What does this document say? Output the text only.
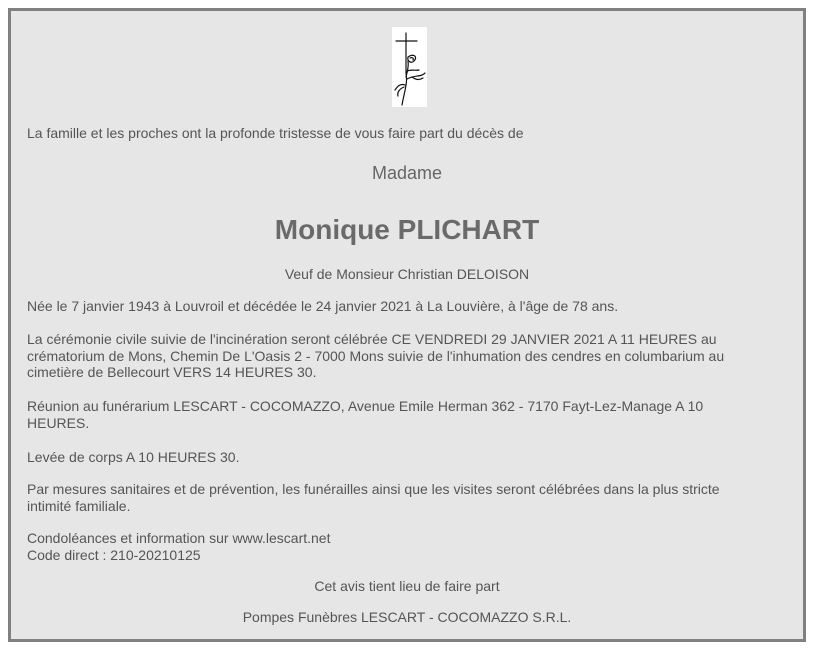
La famille et les proches ont la profonde tristesse de vous faire part du décès de

Madame

Monique PLICHART

Veuf de Monsieur Christian DELOISON

Née le 7 janvier 1943 à Louvroil et décédée le 24 janvier 2021 à La Louvière, à l'âge de 78 ans.

La cérémonie civile suivie de l'incinération seront célébrée CE VENDREDI 29 JANVIER 2021 A 11 HEURES au

crématorium de Mons, Chemin De L'Oasis 2 - 7000 Mons suivie de l'inhumation des cendres en columbarium au

cimetière de Bellecourt VERS 14 HEURES 30.

Réunion au funérarium LESCART - COCOMAZZO, Avenue Emile Herman 362 - 7170 Fayt-Lez-Manage A 10

HEURES.

Levée de corps A 10 HEURES 30.

Par mesures sanitaires et de prévention, les funérailles ainsi que les visites seront célébrées dans la plus stricte

intimité familiale.

Condoléances et information sur www.lescart.net

Code direct : 210-20210125

Cet avis tient lieu de faire part

Pompes Funèbres LESCART - COCOMAZZO S.R.L.
